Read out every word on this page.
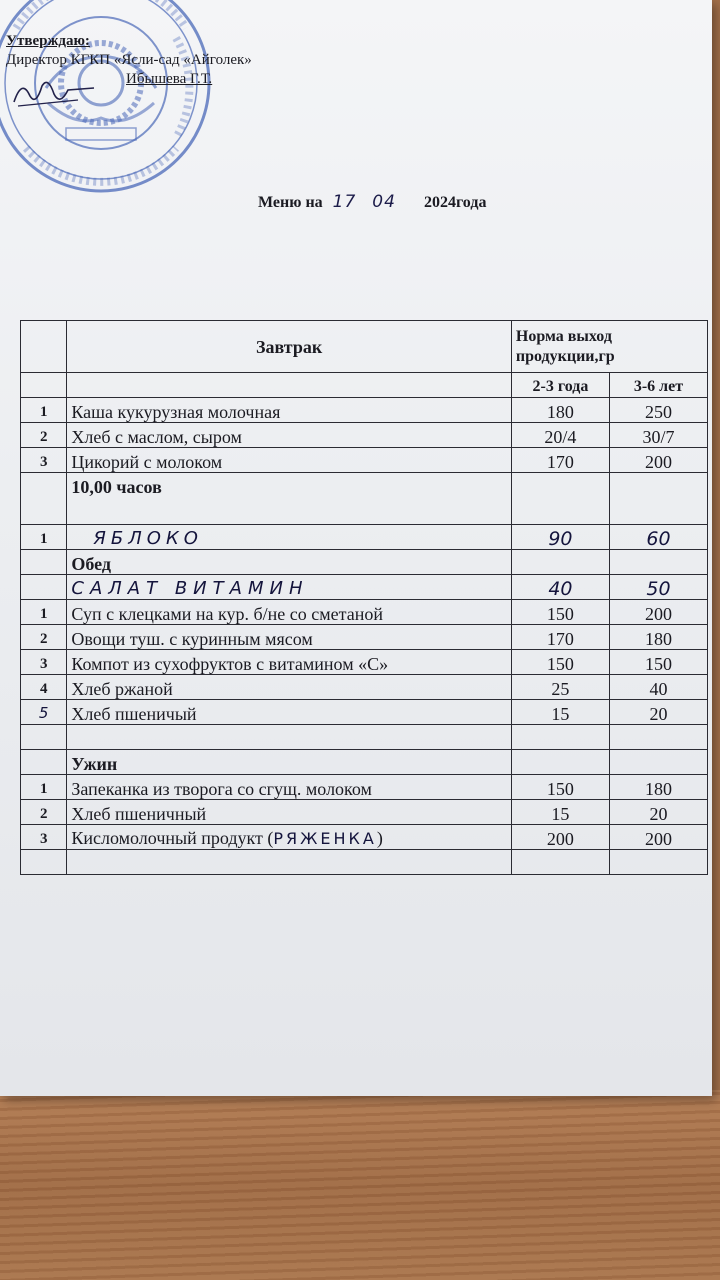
Утверждаю:
Директор КГКП «Ясли-сад «Айголек»
Ибышева Г.Т.
Меню на 17 04 2024года
	Завтрак	Норма выход продукции,гр	
		2-3 года	3-6 лет
1	Каша кукурузная молочная	180	250
2	Хлеб с маслом, сыром	20/4	30/7
3	Цикорий с молоком	170	200
	10,00 часов		
1	ЯБЛОКО	90	60
	Обед		
	САЛАТ ВИТАМИН	40	50
1	Суп с клецками на кур. б/не со сметаной	150	200
2	Овощи туш. с куринным мясом	170	180
3	Компот из сухофруктов с витамином «С»	150	150
4	Хлеб ржаной	25	40
5	Хлеб пшеничый	15	20

	Ужин		
1	Запеканка из творога со сгущ. молоком	150	180
2	Хлеб пшеничный	15	20
3	Кисломолочный продукт (РЯЖЕНКА)	200	200
